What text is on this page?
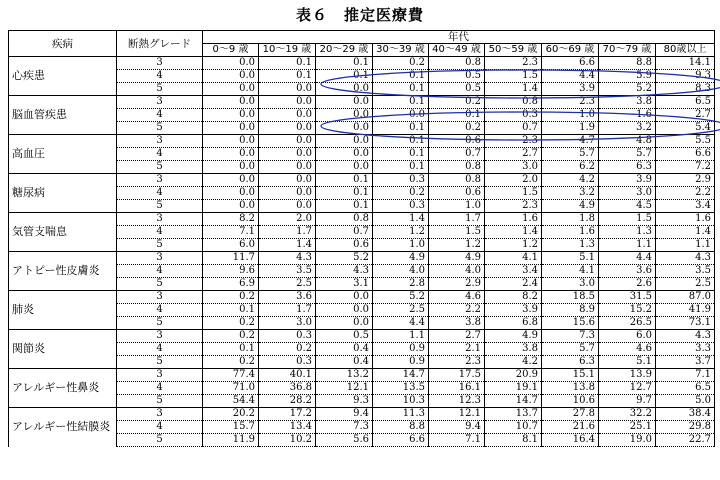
表６　推定医療費
疾病	断熱グレード	年代								
		0～9 歳	10～19 歳	20～29 歳	30～39 歳	40～49 歳	50～59 歳	60～69 歳	70～79 歳	80歳以上
心疾患	3	0.0	0.1	0.1	0.2	0.8	2.3	6.6	8.8	14.1
	4	0.0	0.1	0.1	0.1	0.5	1.5	4.4	5.9	9.3
	5	0.0	0.0	0.0	0.1	0.5	1.4	3.9	5.2	8.3
脳血管疾患	3	0.0	0.0	0.0	0.1	0.2	0.8	2.3	3.8	6.5
	4	0.0	0.0	0.0	0.0	0.1	0.3	1.0	1.6	2.7
	5	0.0	0.0	0.0	0.1	0.2	0.7	1.9	3.2	5.4
高血圧	3	0.0	0.0	0.0	0.1	0.6	2.3	4.7	4.8	5.5
	4	0.0	0.0	0.0	0.1	0.7	2.7	5.7	5.7	6.6
	5	0.0	0.0	0.0	0.1	0.8	3.0	6.2	6.3	7.2
糖尿病	3	0.0	0.0	0.1	0.3	0.8	2.0	4.2	3.9	2.9
	4	0.0	0.0	0.1	0.2	0.6	1.5	3.2	3.0	2.2
	5	0.0	0.0	0.1	0.3	1.0	2.3	4.9	4.5	3.4
気管支喘息	3	8.2	2.0	0.8	1.4	1.7	1.6	1.8	1.5	1.6
	4	7.1	1.7	0.7	1.2	1.5	1.4	1.6	1.3	1.4
	5	6.0	1.4	0.6	1.0	1.2	1.2	1.3	1.1	1.1
アトピー性皮膚炎	3	11.7	4.3	5.2	4.9	4.9	4.1	5.1	4.4	4.3
	4	9.6	3.5	4.3	4.0	4.0	3.4	4.1	3.6	3.5
	5	6.9	2.5	3.1	2.8	2.9	2.4	3.0	2.6	2.5
肺炎	3	0.2	3.6	0.0	5.2	4.6	8.2	18.5	31.5	87.0
	4	0.1	1.7	0.0	2.5	2.2	3.9	8.9	15.2	41.9
	5	0.2	3.0	0.0	4.4	3.8	6.8	15.6	26.5	73.1
関節炎	3	0.2	0.3	0.5	1.1	2.7	4.9	7.3	6.0	4.3
	4	0.1	0.2	0.4	0.9	2.1	3.8	5.7	4.6	3.3
	5	0.2	0.3	0.4	0.9	2.3	4.2	6.3	5.1	3.7
アレルギー性鼻炎	3	77.4	40.1	13.2	14.7	17.5	20.9	15.1	13.9	7.1
	4	71.0	36.8	12.1	13.5	16.1	19.1	13.8	12.7	6.5
	5	54.4	28.2	9.3	10.3	12.3	14.7	10.6	9.7	5.0
アレルギー性結膜炎	3	20.2	17.2	9.4	11.3	12.1	13.7	27.8	32.2	38.4
	4	15.7	13.4	7.3	8.8	9.4	10.7	21.6	25.1	29.8
	5	11.9	10.2	5.6	6.6	7.1	8.1	16.4	19.0	22.7
